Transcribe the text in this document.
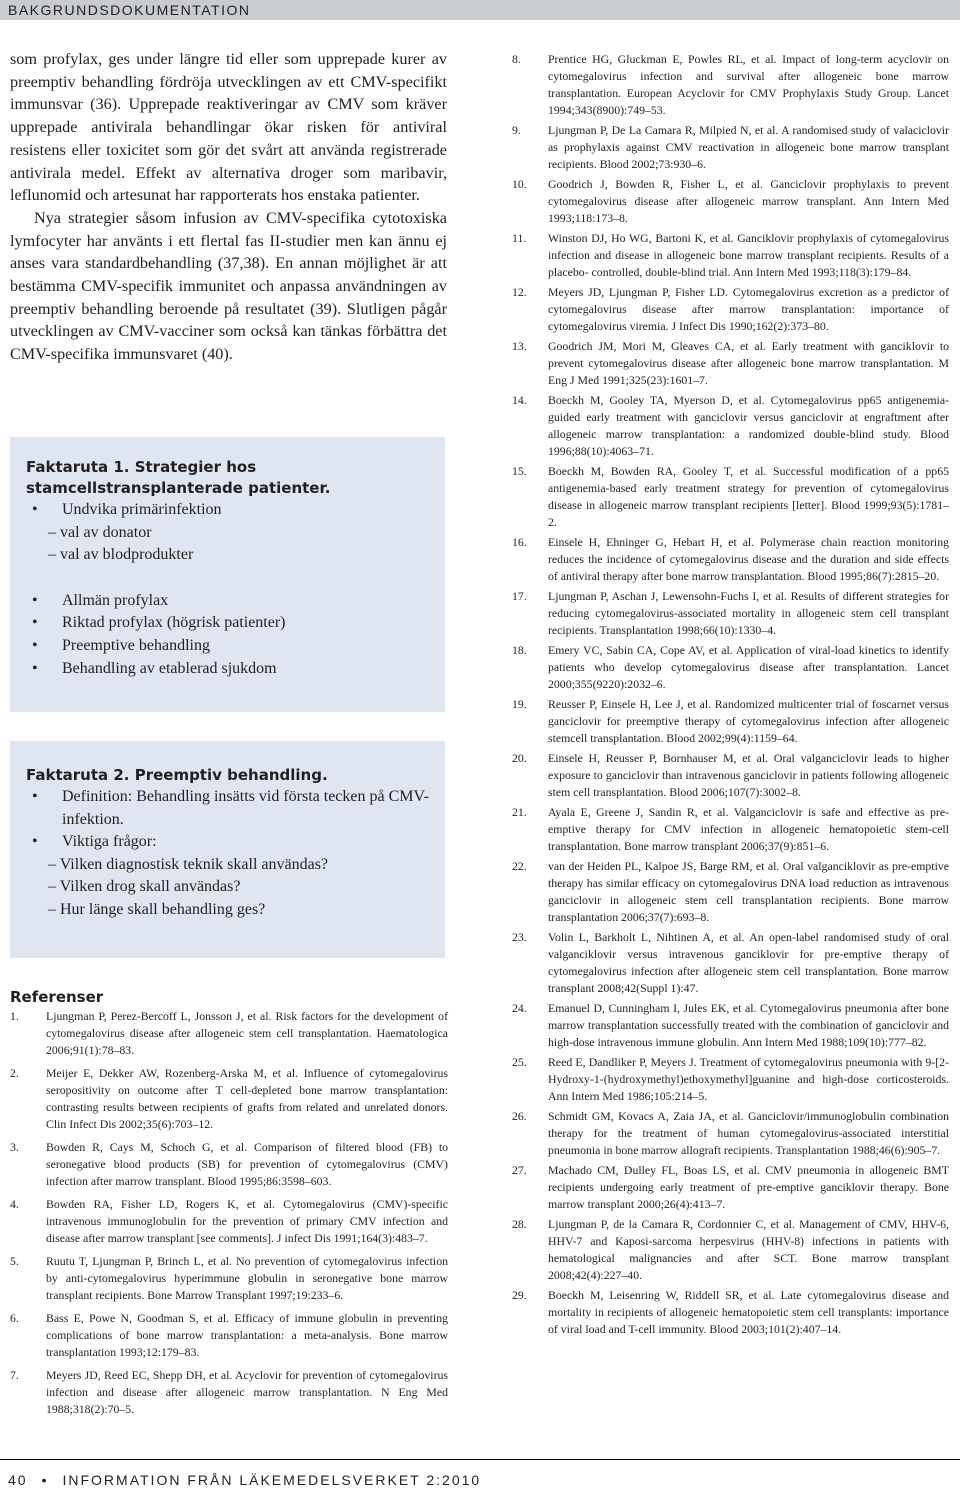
BAKGRUNDSDOKUMENTATION

som profylax, ges under längre tid eller som upprepade kurer av preemptiv behandling fördröja utvecklingen av ett CMV-specifikt immunsvar (36). Upprepade reaktiveringar av CMV som kräver upprepade antivirala behandlingar ökar risken för antiviral resistens eller toxicitet som gör det svårt att använda registrerade antivirala medel. Effekt av alternativa droger som maribavir, leflunomid och artesunat har rapporterats hos enstaka patienter.

Nya strategier såsom infusion av CMV-specifika cytotoxiska lymfocyter har använts i ett flertal fas II-studier men kan ännu ej anses vara standardbehandling (37,38). En annan möjlighet är att bestämma CMV-specifik immunitet och anpassa användningen av preemptiv behandling beroende på resultatet (39). Slutligen pågår utvecklingen av CMV-vacciner som också kan tänkas förbättra det CMV-specifika immunsvaret (40).

Faktaruta 1. Strategier hos stamcellstransplanterade patienter.

• Undvika primärinfektion
– val av donator
– val av blodprodukter
• Allmän profylax
• Riktad profylax (högrisk patienter)
• Preemptive behandling
• Behandling av etablerad sjukdom

Faktaruta 2. Preemptiv behandling.

• Definition: Behandling insätts vid första tecken på CMV-infektion.
• Viktiga frågor:
– Vilken diagnostisk teknik skall användas?
– Vilken drog skall användas?
– Hur länge skall behandling ges?
Referenser
1. Ljungman P, Perez-Bercoff L, Jonsson J, et al. Risk factors for the development of cytomegalovirus disease after allogeneic stem cell transplantation. Haematologica 2006;91(1):78–83.
2. Meijer E, Dekker AW, Rozenberg-Arska M, et al. Influence of cytomegalovirus seropositivity on outcome after T cell-depleted bone marrow transplantation: contrasting results between recipients of grafts from related and unrelated donors. Clin Infect Dis 2002;35(6):703–12.
3. Bowden R, Cays M, Schoch G, et al. Comparison of filtered blood (FB) to seronegative blood products (SB) for prevention of cytomegalovirus (CMV) infection after marrow transplant. Blood 1995;86:3598–603.
4. Bowden RA, Fisher LD, Rogers K, et al. Cytomegalovirus (CMV)-specific intravenous immunoglobulin for the prevention of primary CMV infection and disease after marrow transplant [see comments]. J infect Dis 1991;164(3):483–7.
5. Ruutu T, Ljungman P, Brinch L, et al. No prevention of cytomegalovirus infection by anti-cytomegalovirus hyperimmune globulin in seronegative bone marrow transplant recipients. Bone Marrow Transplant 1997;19:233–6.
6. Bass E, Powe N, Goodman S, et al. Efficacy of immune globulin in preventing complications of bone marrow transplantation: a meta-analysis. Bone marrow transplantation 1993;12:179–83.
7. Meyers JD, Reed EC, Shepp DH, et al. Acyclovir for prevention of cytomegalovirus infection and disease after allogeneic marrow transplantation. N Eng Med 1988;318(2):70–5.
8. Prentice HG, Gluckman E, Powles RL, et al. Impact of long-term acyclovir on cytomegalovirus infection and survival after allogeneic bone marrow transplantation. European Acyclovir for CMV Prophylaxis Study Group. Lancet 1994;343(8900):749–53.
9. Ljungman P, De La Camara R, Milpied N, et al. A randomised study of valaciclovir as prophylaxis against CMV reactivation in allogeneic bone marrow transplant recipients. Blood 2002;73:930–6.
10. Goodrich J, Bowden R, Fisher L, et al. Ganciclovir prophylaxis to prevent cytomegalovirus disease after allogeneic marrow transplant. Ann Intern Med 1993;118:173–8.
11. Winston DJ, Ho WG, Bartoni K, et al. Ganciklovir prophylaxis of cytomegalovirus infection and disease in allogeneic bone marrow transplant recipients. Results of a placebo- controlled, double-blind trial. Ann Intern Med 1993;118(3):179–84.
12. Meyers JD, Ljungman P, Fisher LD. Cytomegalovirus excretion as a predictor of cytomegalovirus disease after marrow transplantation: importance of cytomegalovirus viremia. J Infect Dis 1990;162(2):373–80.
13. Goodrich JM, Mori M, Gleaves CA, et al. Early treatment with ganciklovir to prevent cytomegalovirus disease after allogeneic bone marrow transplantation. M Eng J Med 1991;325(23):1601–7.
14. Boeckh M, Gooley TA, Myerson D, et al. Cytomegalovirus pp65 antigenemia-guided early treatment with ganciclovir versus ganciclovir at engraftment after allogeneic marrow transplantation: a randomized double-blind study. Blood 1996;88(10):4063–71.
15. Boeckh M, Bowden RA, Gooley T, et al. Successful modification of a pp65 antigenemia-based early treatment strategy for prevention of cytomegalovirus disease in allogeneic marrow transplant recipients [letter]. Blood 1999;93(5):1781–2.
16. Einsele H, Ehninger G, Hebart H, et al. Polymerase chain reaction monitoring reduces the incidence of cytomegalovirus disease and the duration and side effects of antiviral therapy after bone marrow transplantation. Blood 1995;86(7):2815–20.
17. Ljungman P, Aschan J, Lewensohn-Fuchs I, et al. Results of different strategies for reducing cytomegalovirus-associated mortality in allogeneic stem cell transplant recipients. Transplantation 1998;66(10):1330–4.
18. Emery VC, Sabin CA, Cope AV, et al. Application of viral-load kinetics to identify patients who develop cytomegalovirus disease after transplantation. Lancet 2000;355(9220):2032–6.
19. Reusser P, Einsele H, Lee J, et al. Randomized multicenter trial of foscarnet versus ganciclovir for preemptive therapy of cytomegalovirus infection after allogeneic stemcell transplantation. Blood 2002;99(4):1159–64.
20. Einsele H, Reusser P, Bornhauser M, et al. Oral valganciclovir leads to higher exposure to ganciclovir than intravenous ganciclovir in patients following allogeneic stem cell transplantation. Blood 2006;107(7):3002–8.
21. Ayala E, Greene J, Sandin R, et al. Valganciclovir is safe and effective as pre-emptive therapy for CMV infection in allogeneic hematopoietic stem-cell transplantation. Bone marrow transplant 2006;37(9):851–6.
22. van der Heiden PL, Kalpoe JS, Barge RM, et al. Oral valganciklovir as pre-emptive therapy has similar efficacy on cytomegalovirus DNA load reduction as intravenous ganciclovir in allogeneic stem cell transplantation recipients. Bone marrow transplantation 2006;37(7):693–8.
23. Volin L, Barkholt L, Nihtinen A, et al. An open-label randomised study of oral valganciklovir versus intravenous ganciklovir for pre-emptive therapy of cytomegalovirus infection after allogeneic stem cell transplantation. Bone marrow transplant 2008;42(Suppl 1):47.
24. Emanuel D, Cunningham I, Jules EK, et al. Cytomegalovirus pneumonia after bone marrow transplantation successfully treated with the combination of ganciclovir and high-dose intravenous immune globulin. Ann Intern Med 1988;109(10):777–82.
25. Reed E, Dandliker P, Meyers J. Treatment of cytomegalovirus pneumonia with 9-[2-Hydroxy-1-(hydroxymethyl)ethoxymethyl]guanine and high-dose corticosteroids. Ann Intern Med 1986;105:214–5.
26. Schmidt GM, Kovacs A, Zaia JA, et al. Ganciclovir/immunoglobulin combination therapy for the treatment of human cytomegalovirus-associated interstitial pneumonia in bone marrow allograft recipients. Transplantation 1988;46(6):905–7.
27. Machado CM, Dulley FL, Boas LS, et al. CMV pneumonia in allogeneic BMT recipients undergoing early treatment of pre-emptive ganciklovir therapy. Bone marrow transplant 2000;26(4):413–7.
28. Ljungman P, de la Camara R, Cordonnier C, et al. Management of CMV, HHV-6, HHV-7 and Kaposi-sarcoma herpesvirus (HHV-8) infections in patients with hematological malignancies and after SCT. Bone marrow transplant 2008;42(4):227–40.
29. Boeckh M, Leisenring W, Riddell SR, et al. Late cytomegalovirus disease and mortality in recipients of allogeneic hematopoietic stem cell transplants: importance of viral load and T-cell immunity. Blood 2003;101(2):407–14.
40 • INFORMATION FRÅN LÄKEMEDELSVERKET 2:2010
